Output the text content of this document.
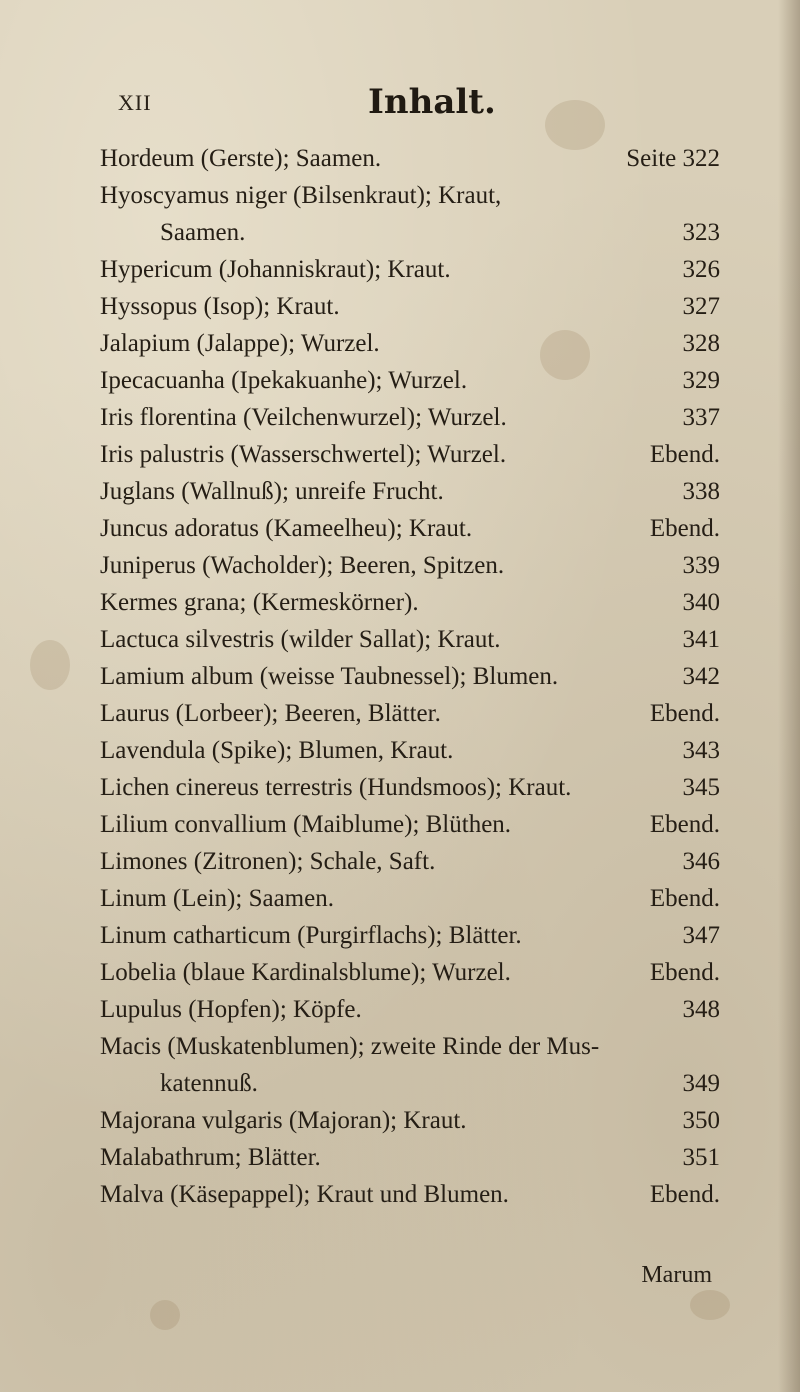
XII	Inhalt.
Hordeum (Gerste); Saamen.	Seite 322
Hyoscyamus niger (Bilsenkraut); Kraut,
Saamen.	323
Hypericum (Johanniskraut); Kraut.	326
Hyssopus (Isop); Kraut.	327
Jalapium (Jalappe); Wurzel.	328
Ipecacuanha (Ipekakuanhe); Wurzel.	329
Iris florentina (Veilchenwurzel); Wurzel.	337
Iris palustris (Wasserschwertel); Wurzel.	Ebend.
Juglans (Wallnuß); unreife Frucht.	338
Juncus adoratus (Kameelheu); Kraut.	Ebend.
Juniperus (Wacholder); Beeren, Spitzen.	339
Kermes grana; (Kermeskörner).	340
Lactuca silvestris (wilder Sallat); Kraut.	341
Lamium album (weisse Taubnessel); Blumen.	342
Laurus (Lorbeer); Beeren, Blätter.	Ebend.
Lavendula (Spike); Blumen, Kraut.	343
Lichen cinereus terrestris (Hundsmoos); Kraut.	345
Lilium convallium (Maiblume); Blüthen.	Ebend.
Limones (Zitronen); Schale, Saft.	346
Linum (Lein); Saamen.	Ebend.
Linum catharticum (Purgirflachs); Blätter.	347
Lobelia (blaue Kardinalsblume); Wurzel.	Ebend.
Lupulus (Hopfen); Köpfe.	348
Macis (Muskatenblumen); zweite Rinde der Mus-
katennuß.	349
Majorana vulgaris (Majoran); Kraut.	350
Malabathrum; Blätter.	351
Malva (Käsepappel); Kraut und Blumen.	Ebend.
Marum
